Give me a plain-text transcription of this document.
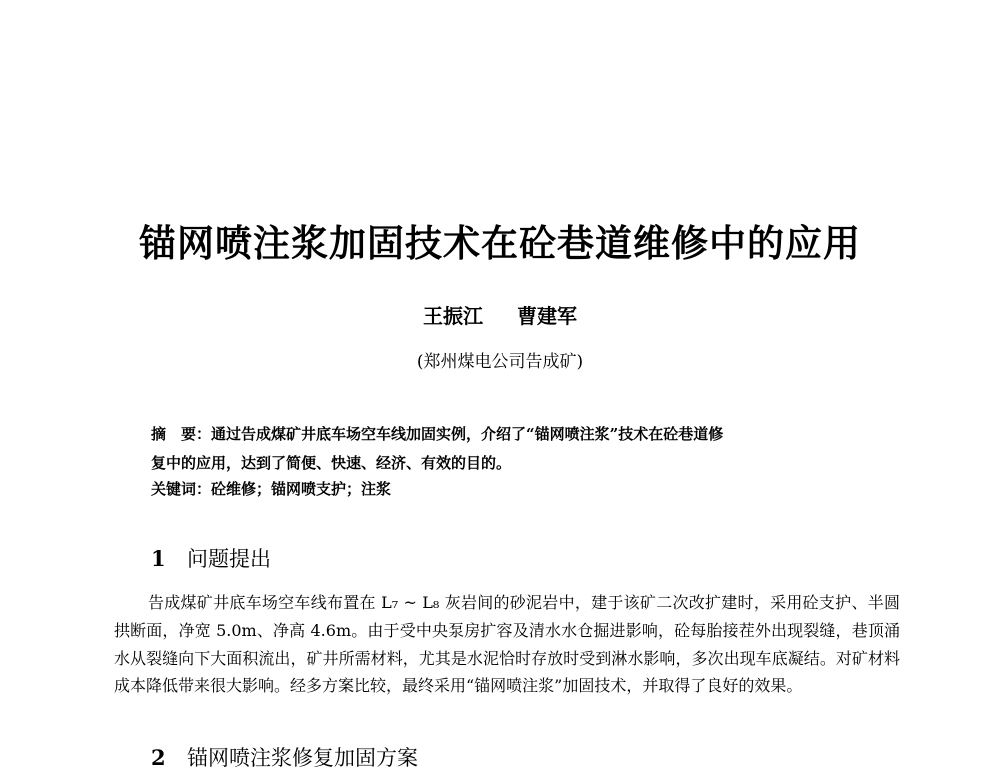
锚网喷注浆加固技术在砼巷道维修中的应用
王振江 曹建军
(郑州煤电公司告成矿)
摘　要：通过告成煤矿井底车场空车线加固实例，介绍了“锚网喷注浆”技术在砼巷道修
复中的应用，达到了简便、快速、经济、有效的目的。
关键词：砼维修；锚网喷支护；注浆
1 问题提出

告成煤矿井底车场空车线布置在 L₇ ~ L₈ 灰岩间的砂泥岩中，建于该矿二次改扩建时，采用砼支护、半圆拱断面，净宽 5.0m、净高 4.6m。由于受中央泵房扩容及清水水仓掘进影响，砼每胎接茬外出现裂缝，巷顶涌水从裂缝向下大面积流出，矿井所需材料，尤其是水泥恰时存放时受到淋水影响，多次出现车底凝结。对矿材料成本降低带来很大影响。经多方案比较，最终采用“锚网喷注浆”加固技术，并取得了良好的效果。

2 锚网喷注浆修复加固方案
